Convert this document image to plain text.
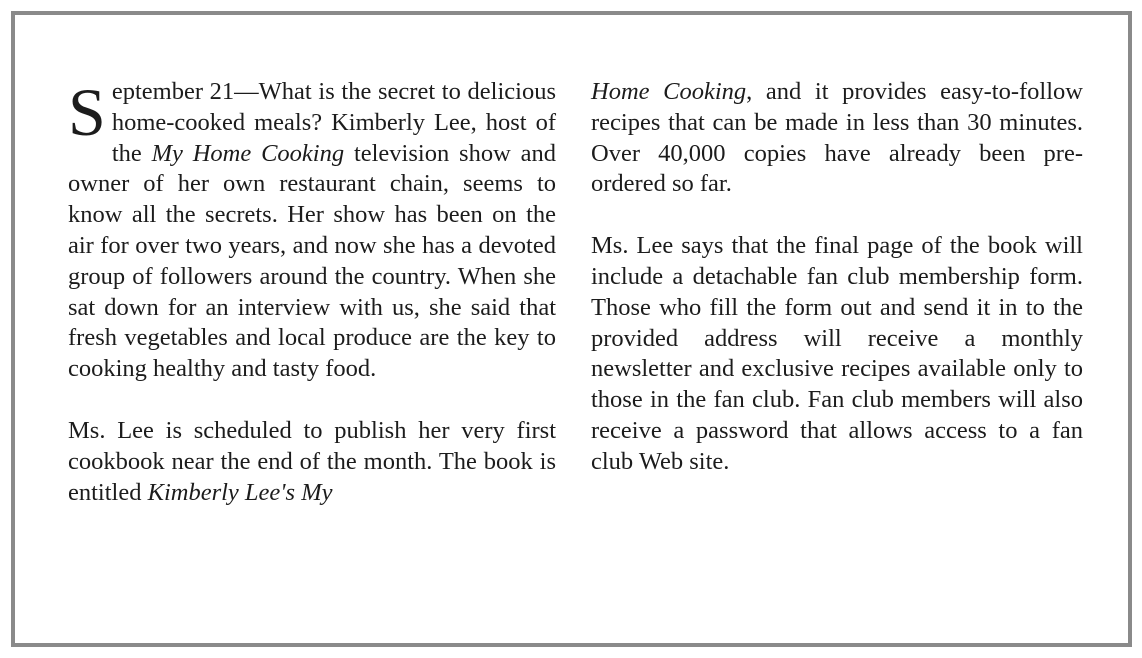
September 21—What is the secret to delicious home-cooked meals? Kimberly Lee, host of the My Home Cooking television show and owner of her own restaurant chain, seems to know all the secrets. Her show has been on the air for over two years, and now she has a devoted group of followers around the country. When she sat down for an interview with us, she said that fresh vegetables and local produce are the key to cooking healthy and tasty food.

Ms. Lee is scheduled to publish her very first cookbook near the end of the month. The book is entitled Kimberly Lee's My

Home Cooking, and it provides easy-to-follow recipes that can be made in less than 30 minutes. Over 40,000 copies have already been pre-ordered so far.

Ms. Lee says that the final page of the book will include a detachable fan club membership form. Those who fill the form out and send it in to the provided address will receive a monthly newsletter and exclusive recipes available only to those in the fan club. Fan club members will also receive a password that allows access to a fan club Web site.
